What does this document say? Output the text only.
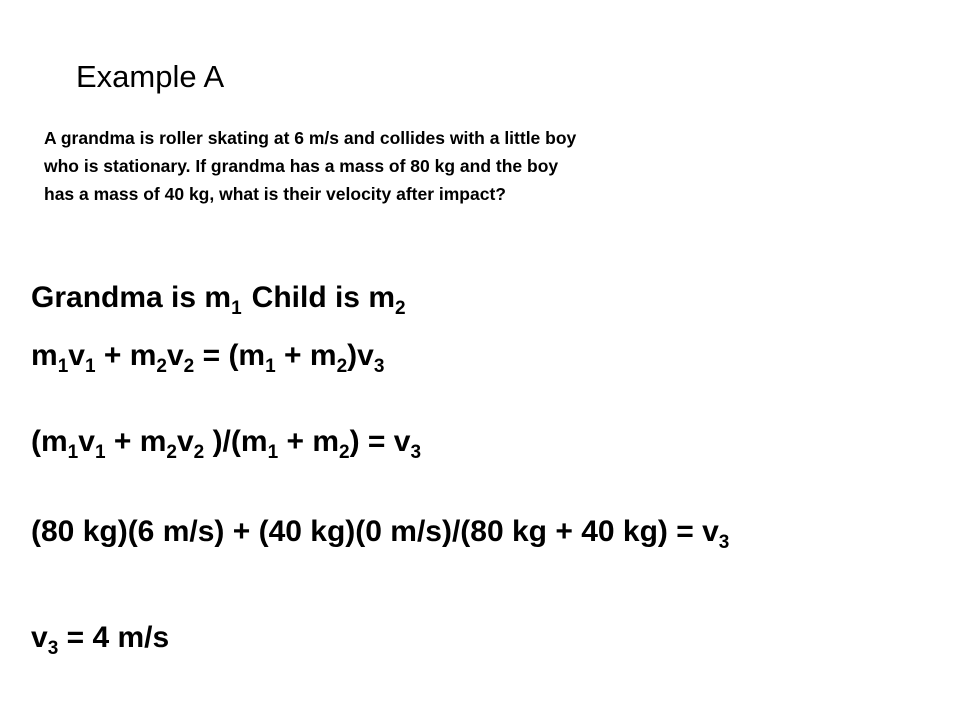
Example A
A grandma is roller skating at 6 m/s and collides with a little boy
who is stationary. If grandma has a mass of 80 kg and the boy
has a mass of 40 kg, what is their velocity after impact?
Grandma is $m_1$ Child is $m_2$
$m_1v_1 + m_2v_2 = (m_1 + m_2)v_3$
($m_1v_1 + m_2v_2$ )$/(m_1 + m_2) = v_3$
(80 kg)(6 m/s) + (40 kg)(0 m/s)/(80 kg + 40 $kg) = v_3$
$v_3 = 4$ m/s
